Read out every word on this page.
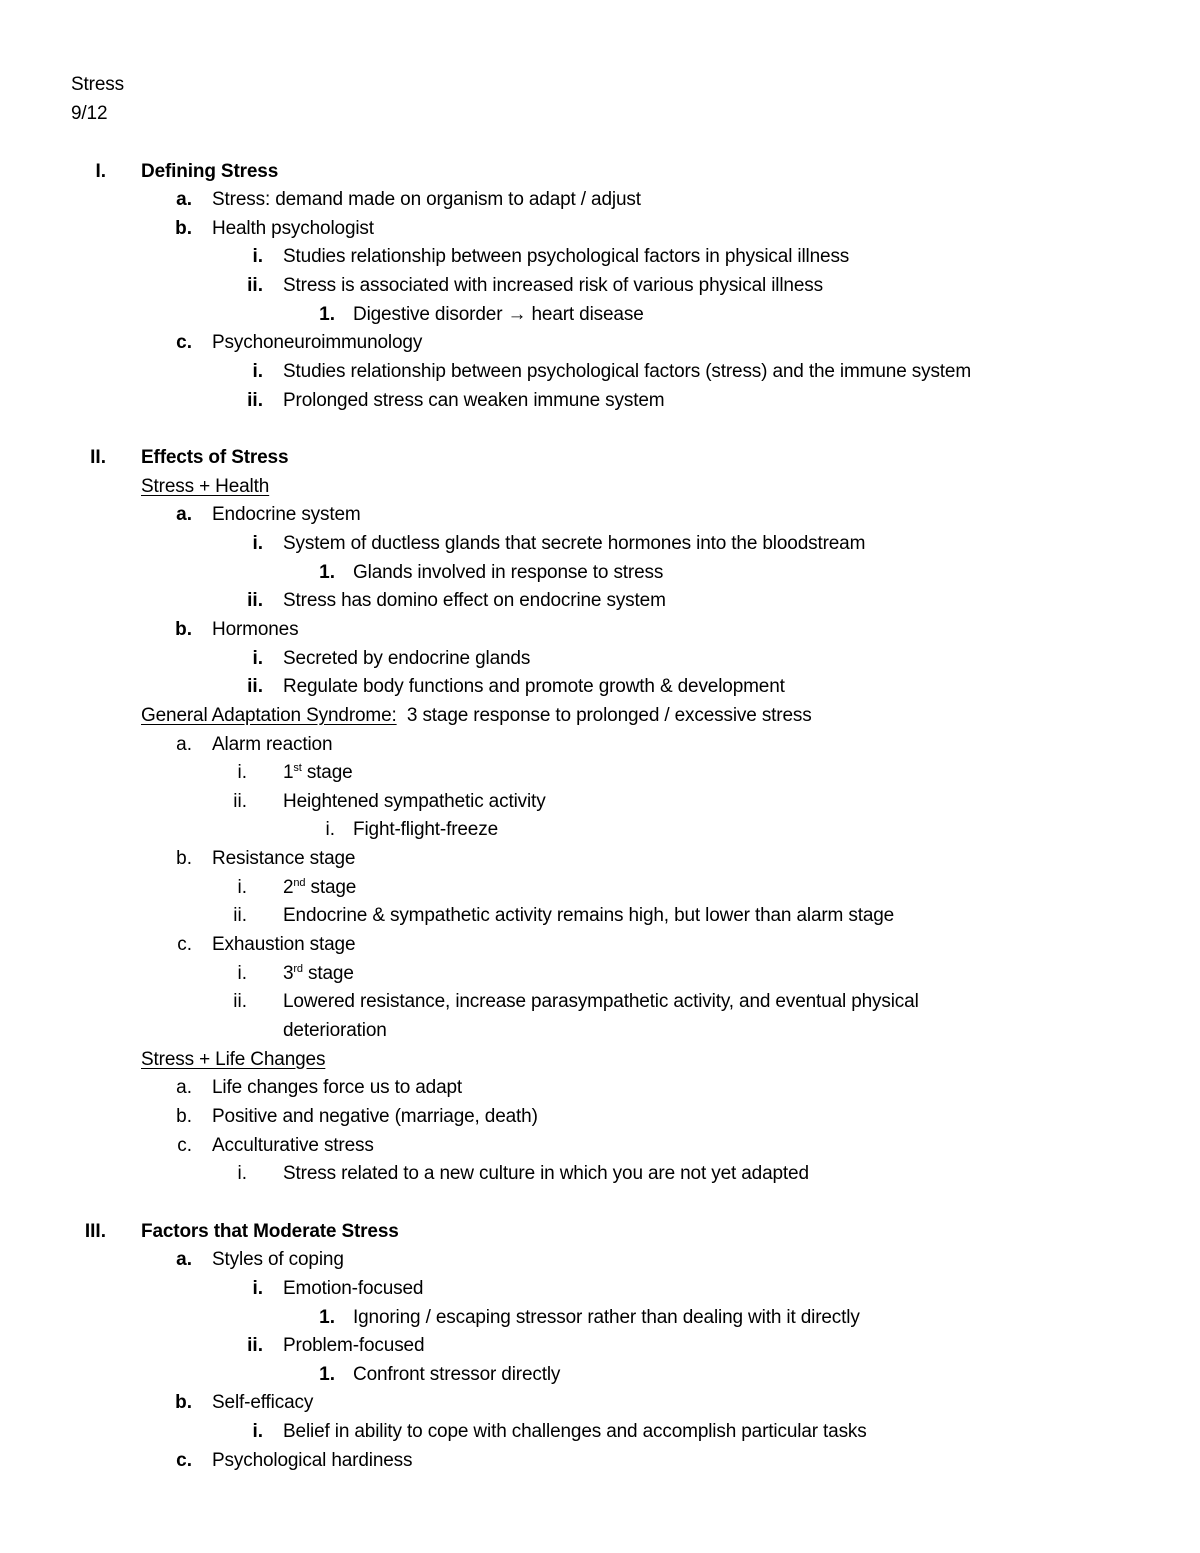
Stress
9/12
I. Defining Stress
a. Stress: demand made on organism to adapt / adjust
b. Health psychologist
i. Studies relationship between psychological factors in physical illness
ii. Stress is associated with increased risk of various physical illness
1. Digestive disorder → heart disease
c. Psychoneuroimmunology
i. Studies relationship between psychological factors (stress) and the immune system
ii. Prolonged stress can weaken immune system
II. Effects of Stress
Stress + Health
a. Endocrine system
i. System of ductless glands that secrete hormones into the bloodstream
1. Glands involved in response to stress
ii. Stress has domino effect on endocrine system
b. Hormones
i. Secreted by endocrine glands
ii. Regulate body functions and promote growth & development
General Adaptation Syndrome:  3 stage response to prolonged / excessive stress
a. Alarm reaction
i. 1st stage
ii. Heightened sympathetic activity
i. Fight-flight-freeze
b. Resistance stage
i. 2nd stage
ii. Endocrine & sympathetic activity remains high, but lower than alarm stage
c. Exhaustion stage
i. 3rd stage
ii. Lowered resistance, increase parasympathetic activity, and eventual physical
deterioration
Stress + Life Changes
a. Life changes force us to adapt
b. Positive and negative (marriage, death)
c. Acculturative stress
i. Stress related to a new culture in which you are not yet adapted
III. Factors that Moderate Stress
a. Styles of coping
i. Emotion-focused
1. Ignoring / escaping stressor rather than dealing with it directly
ii. Problem-focused
1. Confront stressor directly
b. Self-efficacy
i. Belief in ability to cope with challenges and accomplish particular tasks
c. Psychological hardiness
